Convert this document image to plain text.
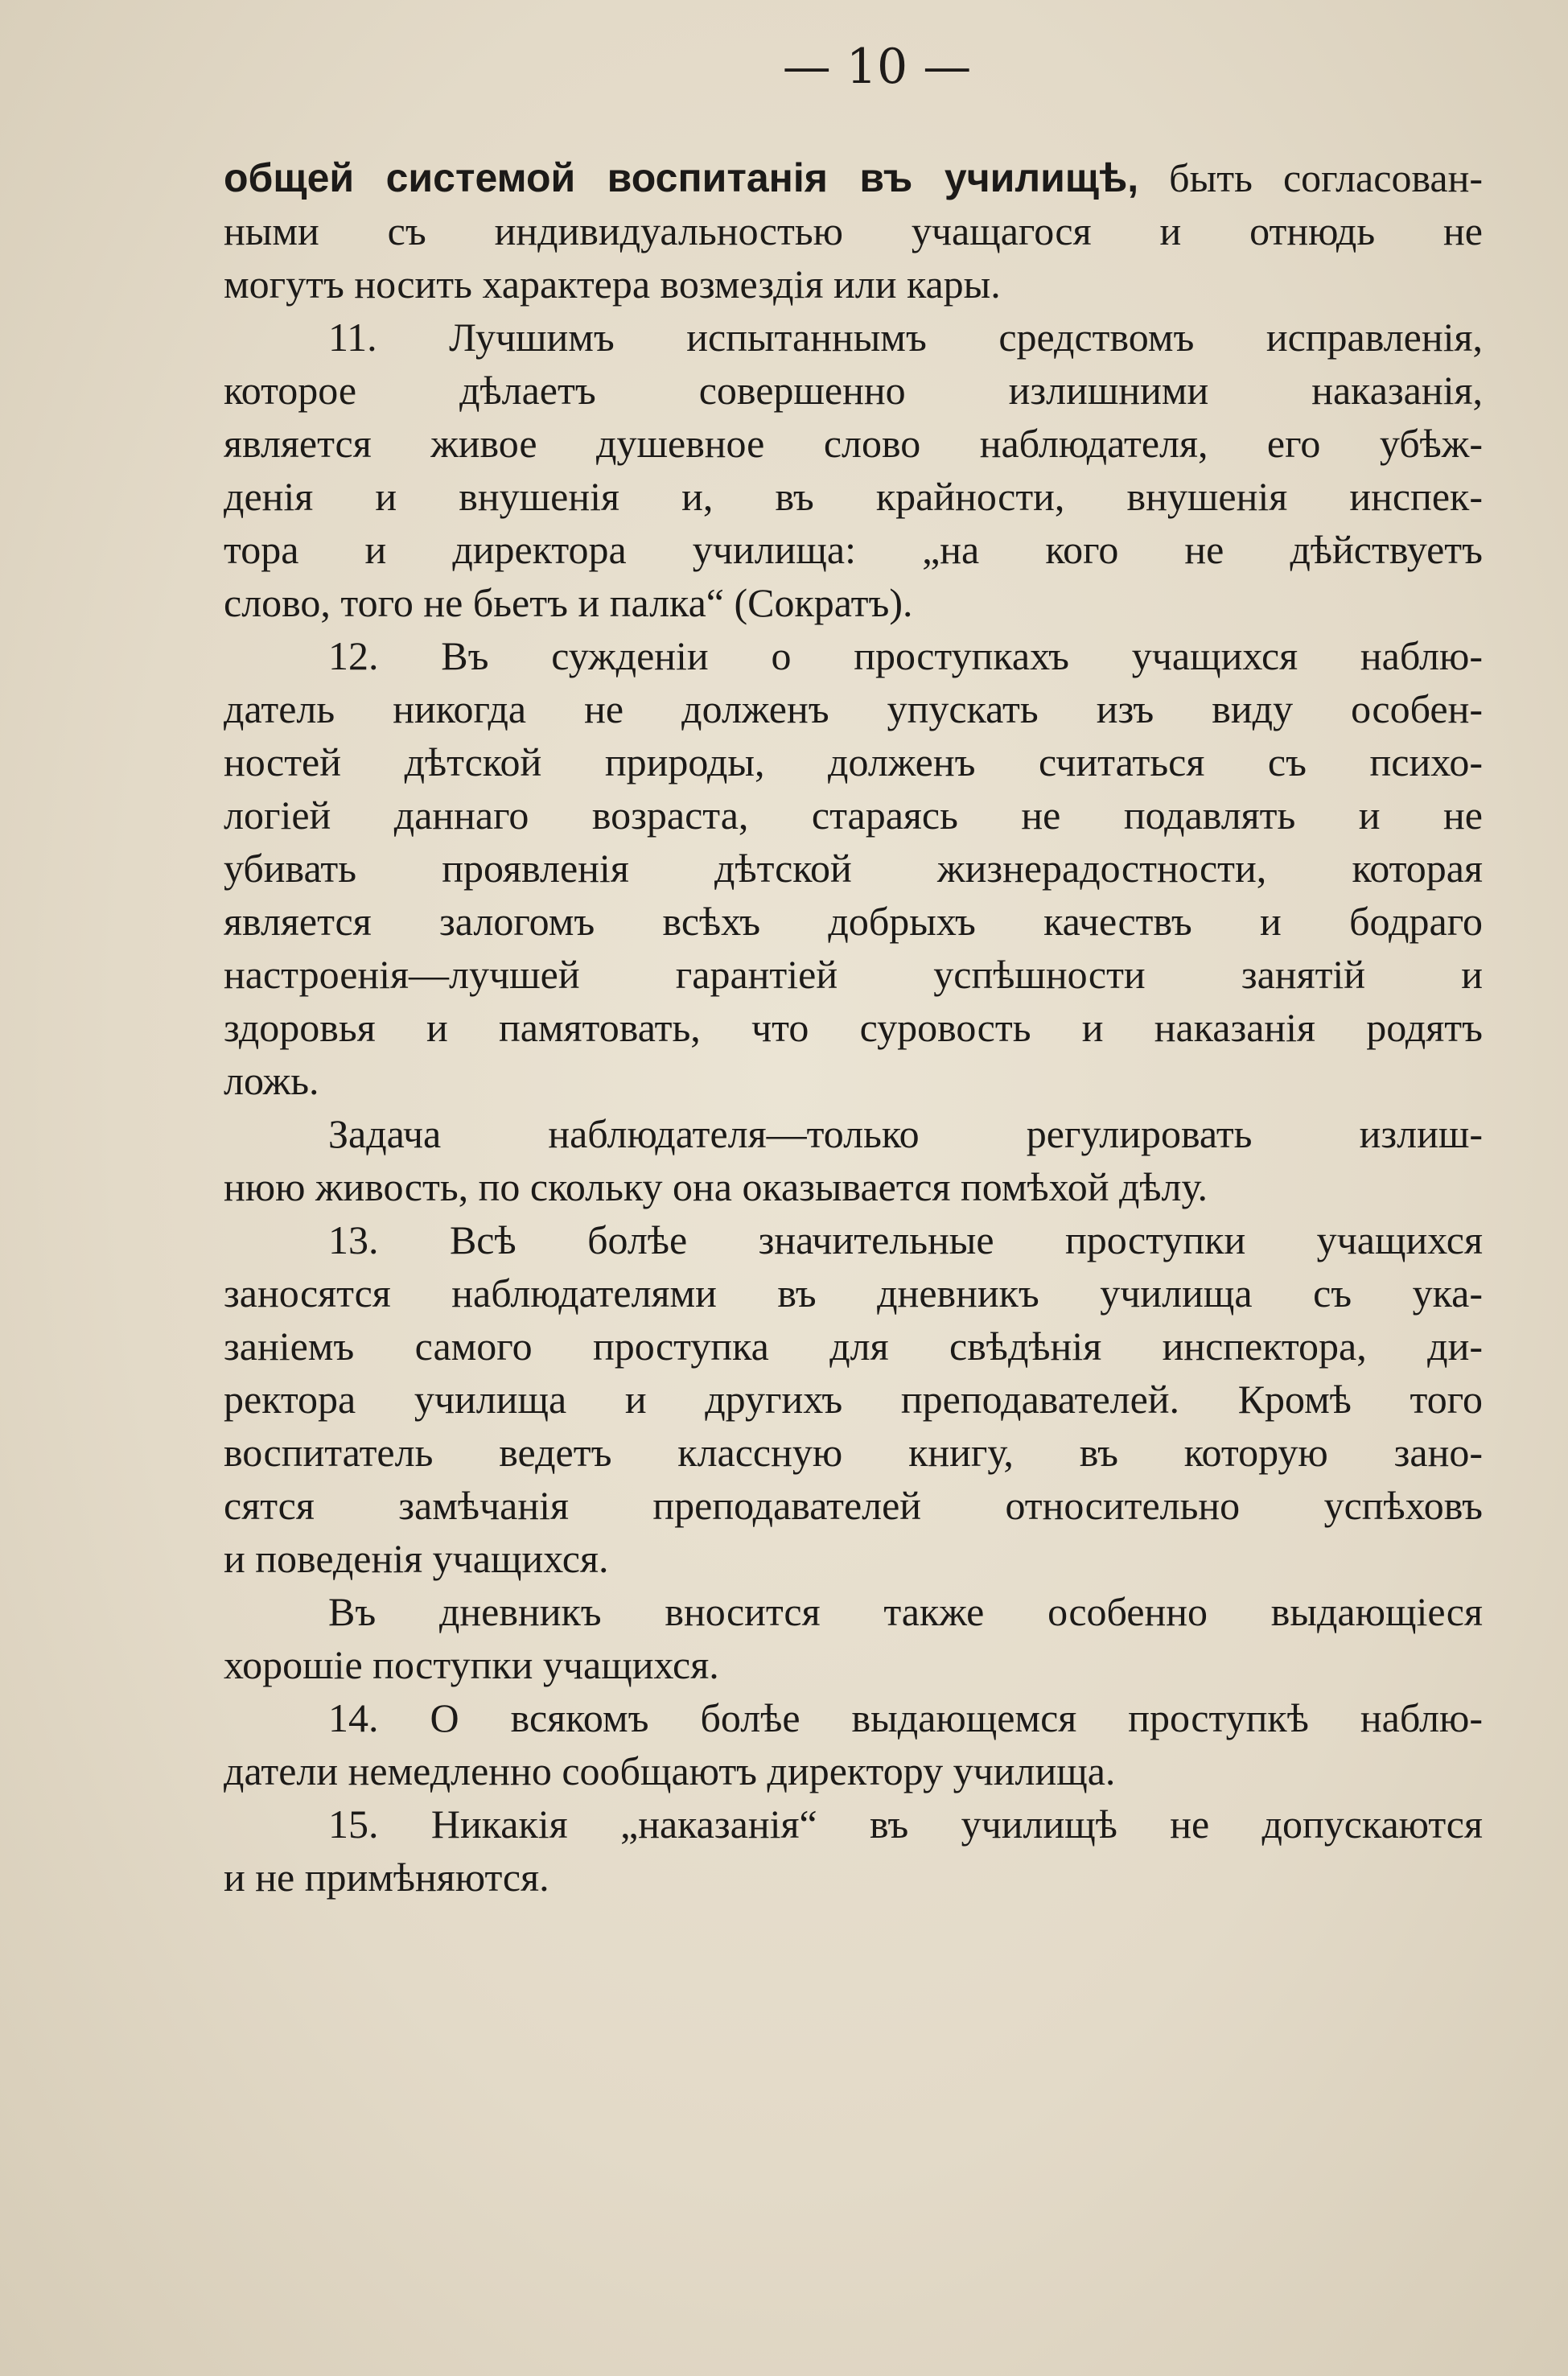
— 10 —

общей системой воспитанія въ училищѣ, быть согласован-

ными съ индивидуальностью учащагося и отнюдь не

могутъ носить характера возмездія или кары.

11. Лучшимъ испытаннымъ средствомъ исправленія,

которое дѣлаетъ совершенно излишними наказанія,

является живое душевное слово наблюдателя, его убѣж-

денія и внушенія и, въ крайности, внушенія инспек-

тора и директора училища: „на кого не дѣйствуетъ

слово, того не бьетъ и палка“ (Сократъ).

12. Въ сужденіи о проступкахъ учащихся наблю-

датель никогда не долженъ упускать изъ виду особен-

ностей дѣтской природы, долженъ считаться съ психо-

логіей даннаго возраста, стараясь не подавлять и не

убивать проявленія дѣтской жизнерадостности, которая

является залогомъ всѣхъ добрыхъ качествъ и бодраго

настроенія—лучшей гарантіей успѣшности занятій и

здоровья и памятовать, что суровость и наказанія родятъ

ложь.

Задача наблюдателя—только регулировать излиш-

нюю живость, по скольку она оказывается помѣхой дѣлу.

13. Всѣ болѣе значительные проступки учащихся

заносятся наблюдателями въ дневникъ училища съ ука-

заніемъ самого проступка для свѣдѣнія инспектора, ди-

ректора училища и другихъ преподавателей. Кромѣ того

воспитатель ведетъ классную книгу, въ которую зано-

сятся замѣчанія преподавателей относительно успѣховъ

и поведенія учащихся.

Въ дневникъ вносится также особенно выдающіеся

хорошіе поступки учащихся.

14. О всякомъ болѣе выдающемся проступкѣ наблю-

датели немедленно сообщаютъ директору училища.

15. Никакія „наказанія“ въ училищѣ не допускаются

и не примѣняются.
